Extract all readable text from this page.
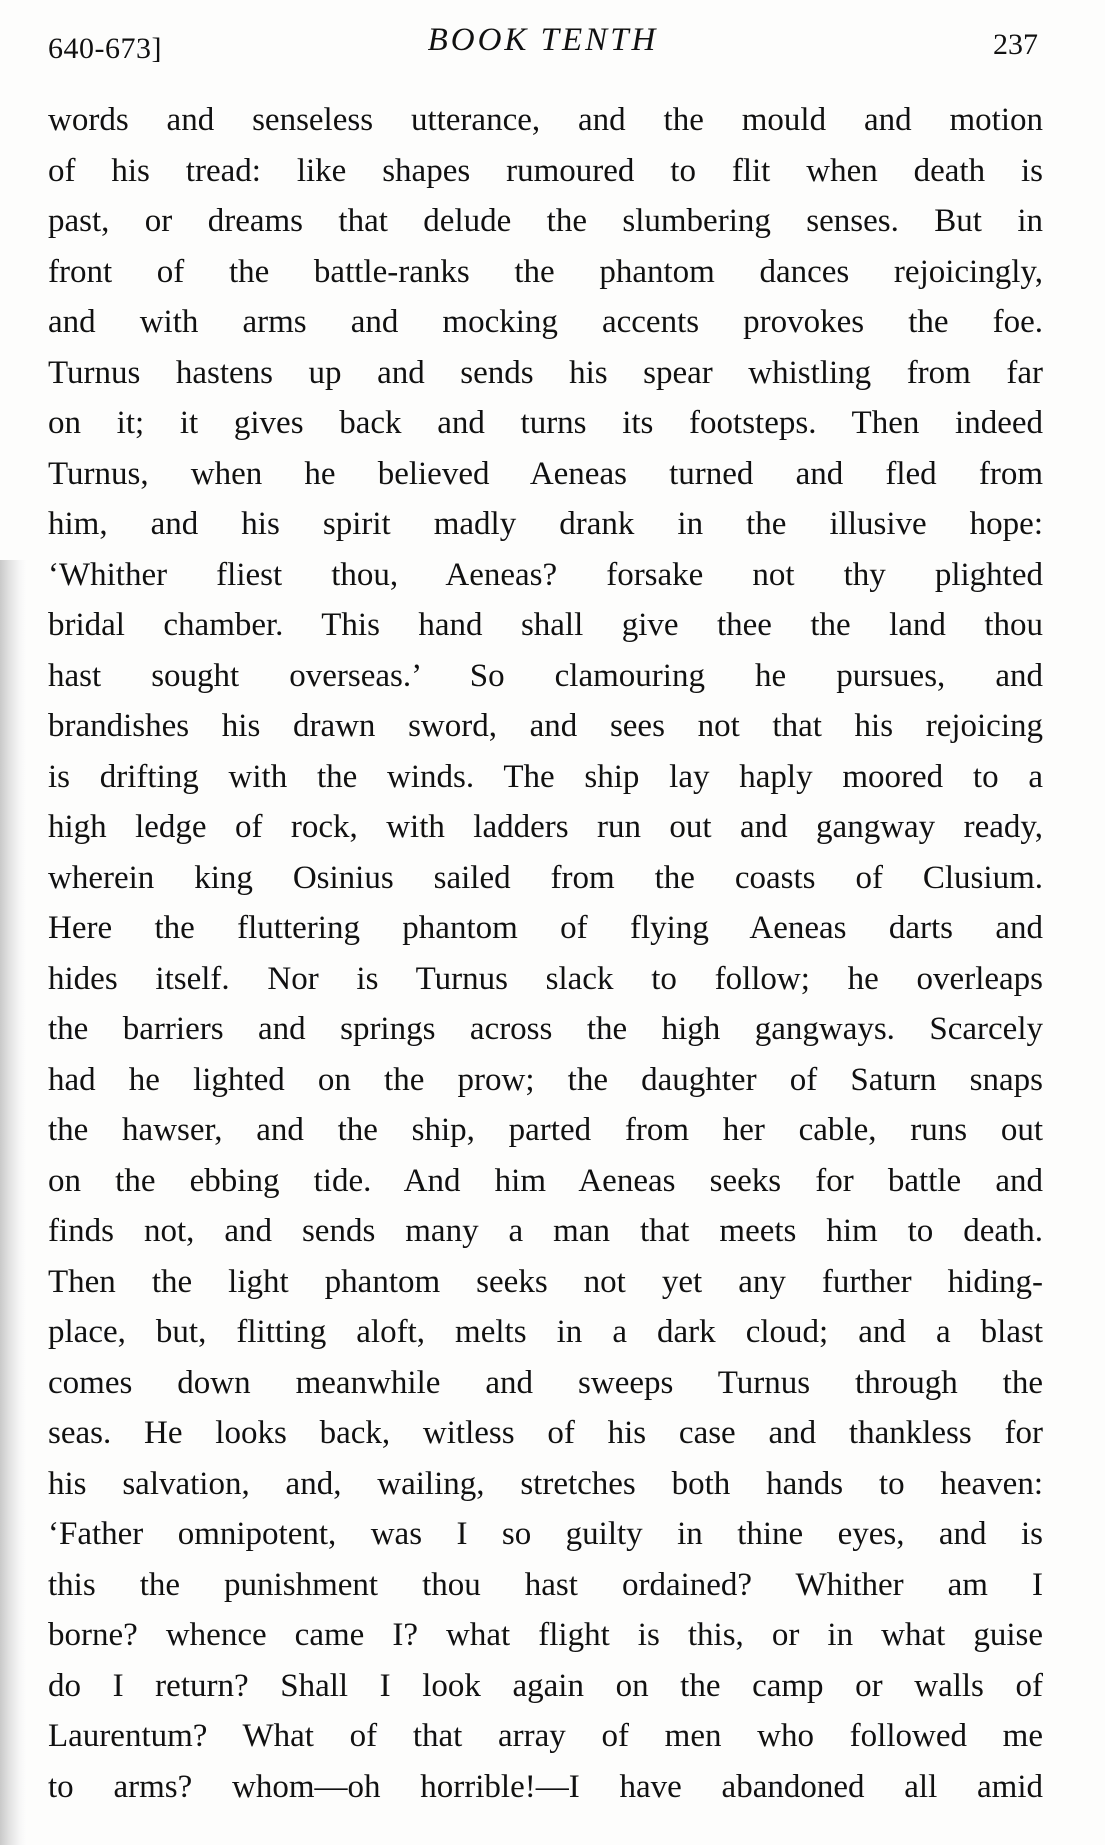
640-673]	BOOK TENTH	237
words and senseless utterance, and the mould and motion
of his tread: like shapes rumoured to flit when death is
past, or dreams that delude the slumbering senses. But in
front of the battle-ranks the phantom dances rejoicingly,
and with arms and mocking accents provokes the foe.
Turnus hastens up and sends his spear whistling from far
on it; it gives back and turns its footsteps. Then indeed
Turnus, when he believed Aeneas turned and fled from
him, and his spirit madly drank in the illusive hope:
‘Whither fliest thou, Aeneas? forsake not thy plighted
bridal chamber. This hand shall give thee the land thou
hast sought overseas.’ So clamouring he pursues, and
brandishes his drawn sword, and sees not that his rejoicing
is drifting with the winds. The ship lay haply moored to a
high ledge of rock, with ladders run out and gangway ready,
wherein king Osinius sailed from the coasts of Clusium.
Here the fluttering phantom of flying Aeneas darts and
hides itself. Nor is Turnus slack to follow; he overleaps
the barriers and springs across the high gangways. Scarcely
had he lighted on the prow; the daughter of Saturn snaps
the hawser, and the ship, parted from her cable, runs out
on the ebbing tide. And him Aeneas seeks for battle and
finds not, and sends many a man that meets him to death.
Then the light phantom seeks not yet any further hiding-
place, but, flitting aloft, melts in a dark cloud; and a blast
comes down meanwhile and sweeps Turnus through the
seas. He looks back, witless of his case and thankless for
his salvation, and, wailing, stretches both hands to heaven:
‘Father omnipotent, was I so guilty in thine eyes, and is
this the punishment thou hast ordained? Whither am I
borne? whence came I? what flight is this, or in what guise
do I return? Shall I look again on the camp or walls of
Laurentum? What of that array of men who followed me
to arms? whom—oh horrible!—I have abandoned all amid
